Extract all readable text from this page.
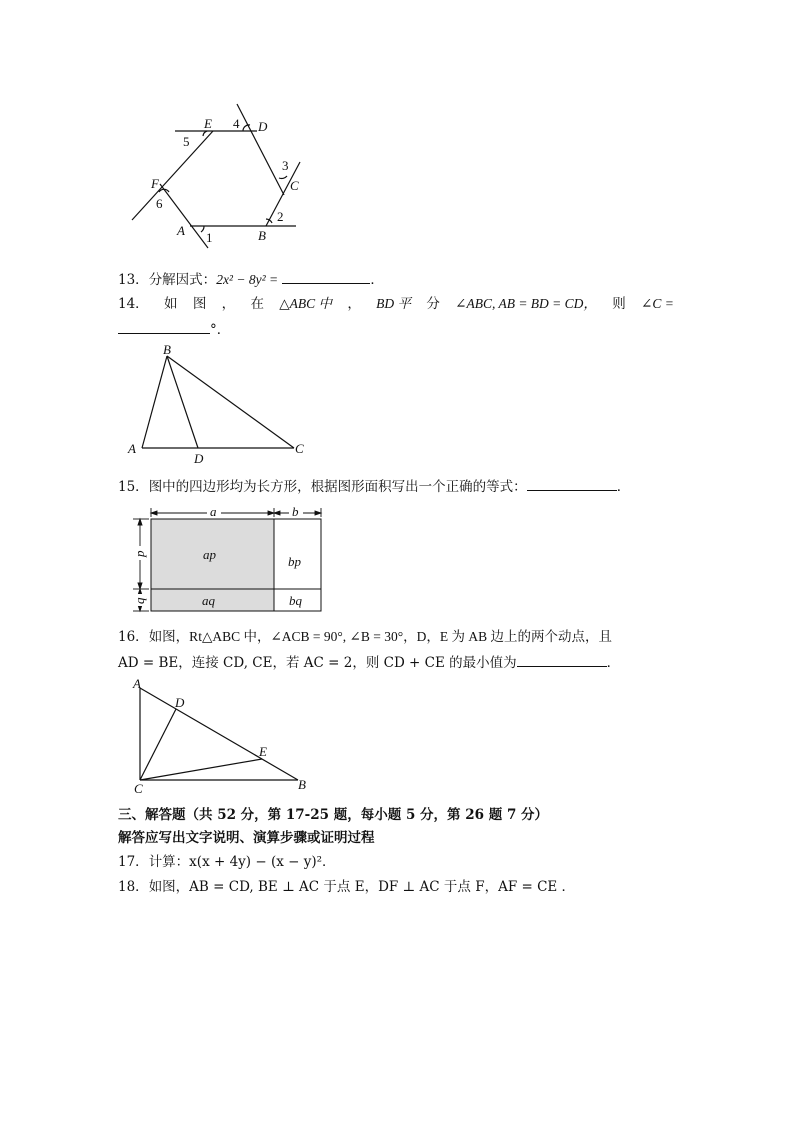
E	D
C
F
A	B
1
2
3
4
5
6
13．分解因式：2x² − 8y² =	．
14． 如 图 ， 在 △ABC 中 ， BD 平 分 ∠ABC, AB = BD = CD， 则 ∠C =
°．
B
A	C
D
15．图中的四边形均为长方形，根据图形面积写出一个正确的等式：	．
a	b
p
q
ap	bp
aq	bq
16．如图，Rt△ABC 中，∠ACB = 90°, ∠B = 30°，D，E 为 AB 边上的两个动点，且
AD = BE，连接 CD, CE，若 AC = 2，则 CD + CE 的最小值为	．
A
D
E
C	B
三、解答题（共 52 分，第 17-25 题，每小题 5 分，第 26 题 7 分）
解答应写出文字说明、演算步骤或证明过程
17．计算：x(x + 4y) − (x − y)²．
18．如图，AB = CD, BE ⊥ AC 于点 E，DF ⊥ AC 于点 F，AF = CE ．
